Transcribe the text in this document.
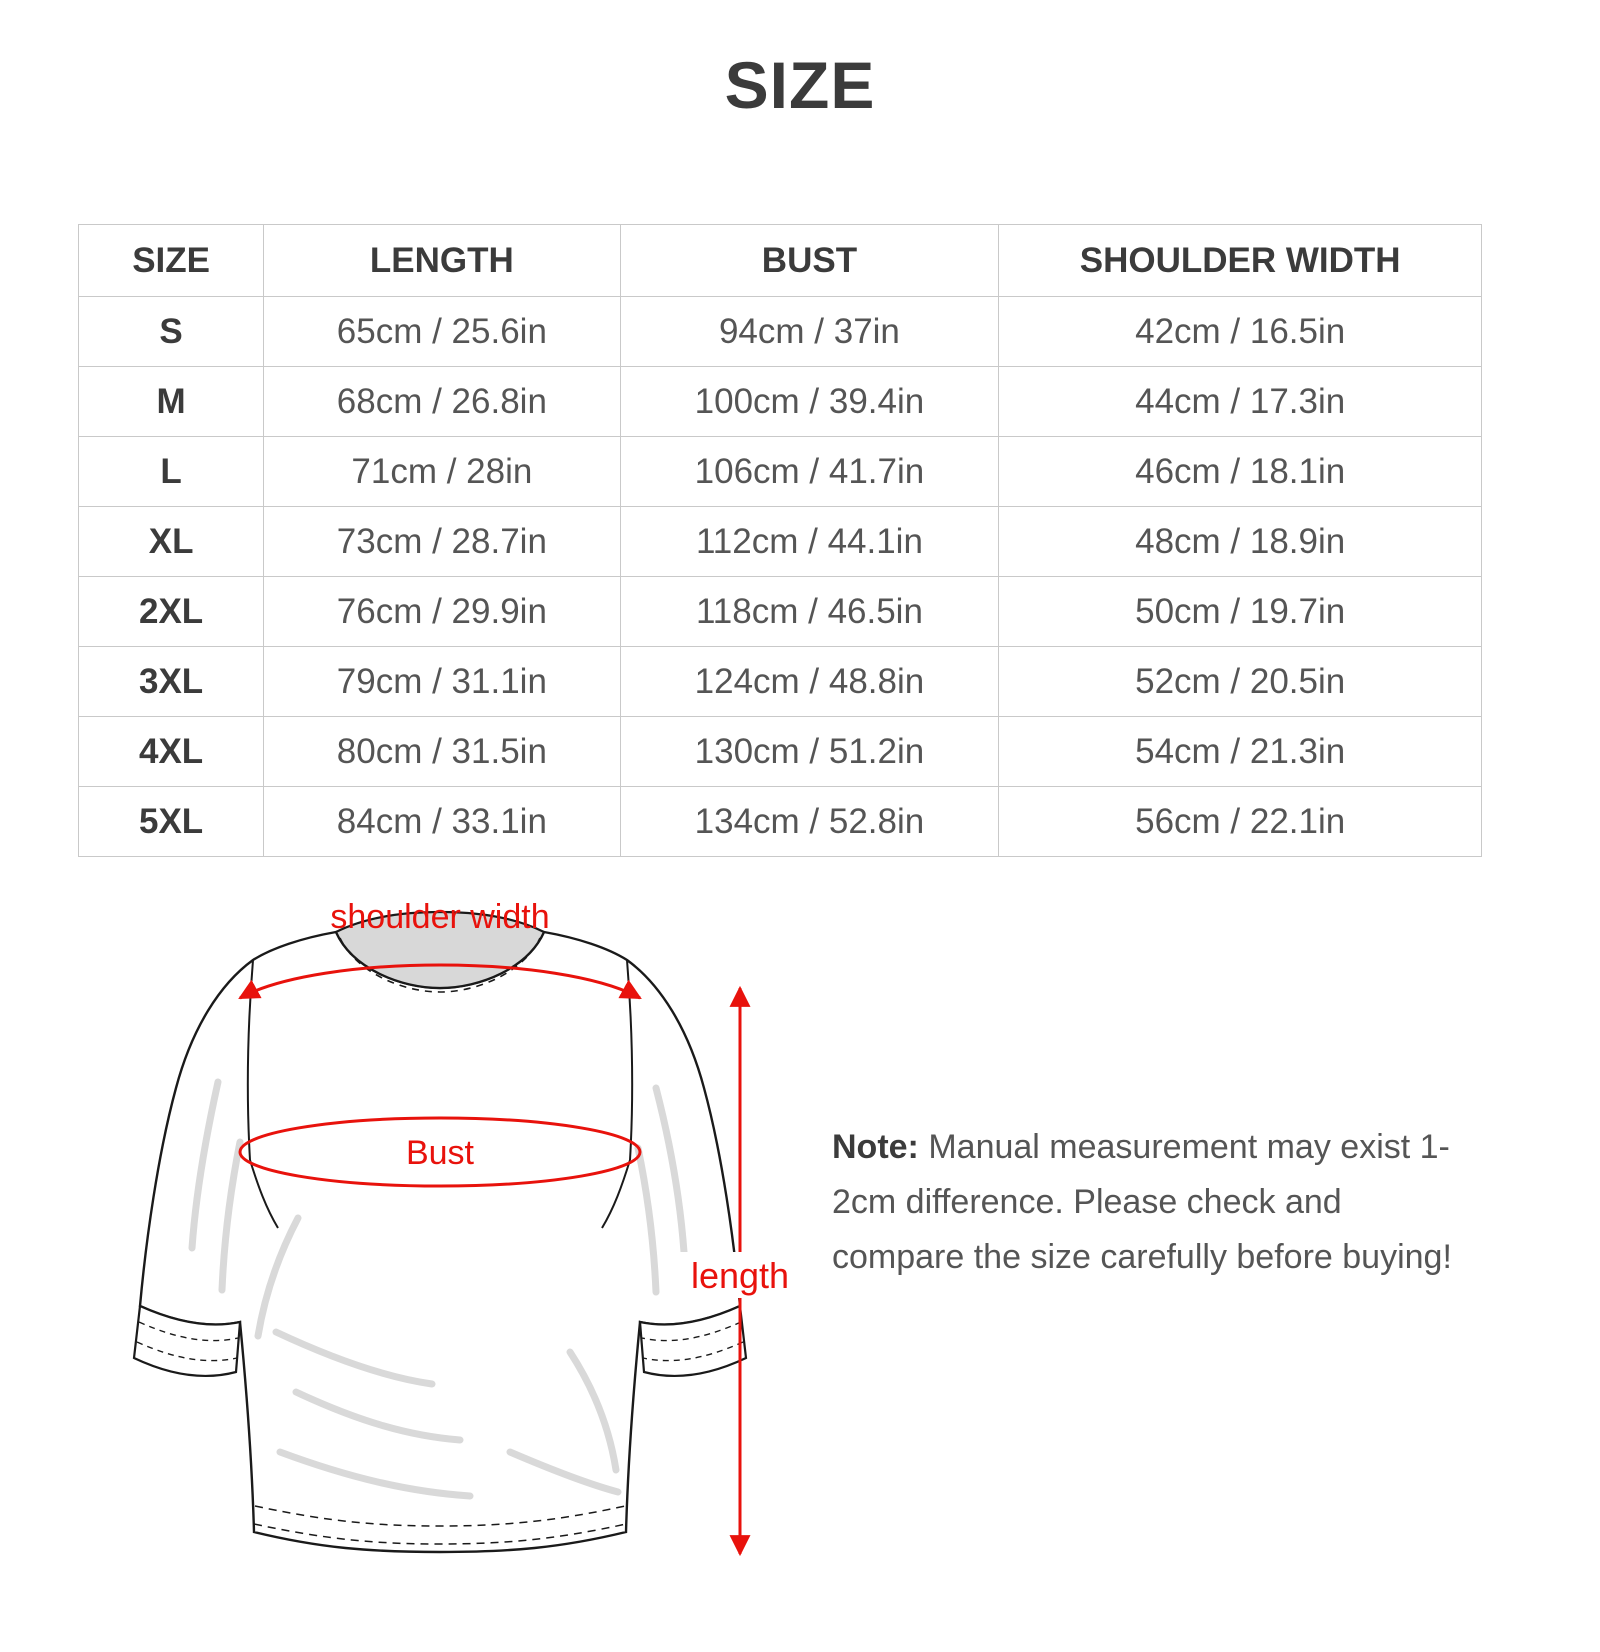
SIZE
SIZE	LENGTH	BUST	SHOULDER WIDTH
S	65cm / 25.6in	94cm / 37in	42cm / 16.5in
M	68cm / 26.8in	100cm / 39.4in	44cm / 17.3in
L	71cm / 28in	106cm / 41.7in	46cm / 18.1in
XL	73cm / 28.7in	112cm / 44.1in	48cm / 18.9in
2XL	76cm / 29.9in	118cm / 46.5in	50cm / 19.7in
3XL	79cm / 31.1in	124cm / 48.8in	52cm / 20.5in
4XL	80cm / 31.5in	130cm / 51.2in	54cm / 21.3in
5XL	84cm / 33.1in	134cm / 52.8in	56cm / 22.1in
shoulder width
Bust
length
Note: Manual measurement may exist 1-2cm difference. Please check and compare the size carefully before buying!
